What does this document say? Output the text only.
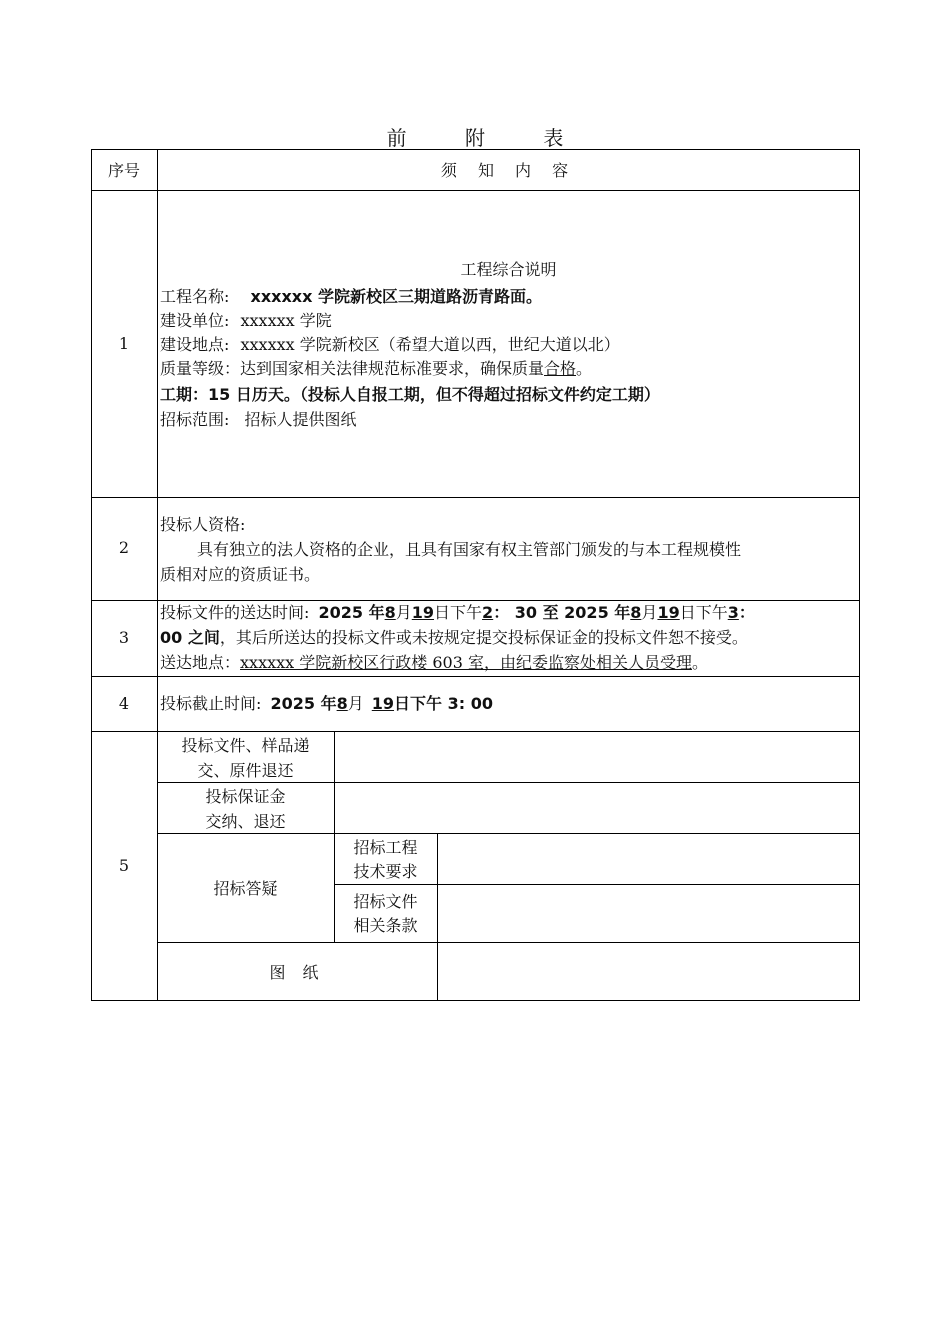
前 附 表
序号	须 知 内 容
1
工程综合说明
工程名称: xxxxxx 学院新校区三期道路沥青路面。
建设单位: xxxxxx 学院
建设地点: xxxxxx 学院新校区（希望大道以西，世纪大道以北）
质量等级：达到国家相关法律规范标准要求，确保质量合格。
工期：15 日历天。（投标人自报工期，但不得超过招标文件约定工期）
招标范围: 招标人提供图纸
2
投标人资格:
具有独立的法人资格的企业，且具有国家有权主管部门颁发的与本工程规模性
质相对应的资质证书。
3
投标文件的送达时间: 2025 年8月19日下午2： 30 至 2025 年8月19日下午3：
00 之间，其后所送达的投标文件或未按规定提交投标保证金的投标文件恕不接受。
送达地点：xxxxxx 学院新校区行政楼 603 室，由纪委监察处相关人员受理。
4	投标截止时间: 2025 年8月 19日下午 3: 00
5
投标文件、样品递
交、原件退还
投标保证金
交纳、退还
招标答疑
招标工程
技术要求
招标文件
相关条款
图 纸
